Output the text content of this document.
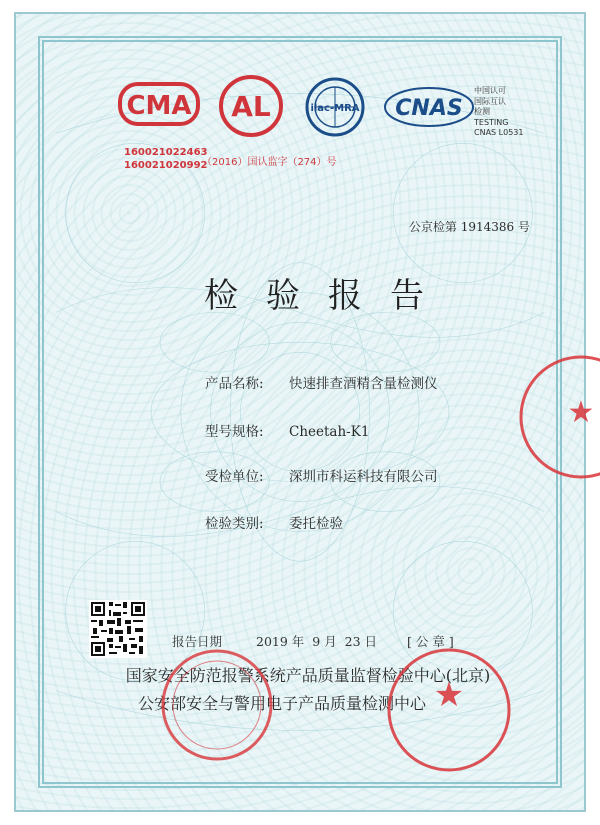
CMA AL	ilac-MRA CNAS
中国认可
国际互认
检测
TESTING
CNAS L0531
160021022463
160021020992
（2016）国认监字（274）号
公京检第 1914386 号
检验报告
产品名称: 快速排查酒精含量检测仪
型号规格: Cheetah-K1
受检单位: 深圳市科运科技有限公司
检验类别: 委托检验
报告日期	2019 年 9 月 23 日 [ 公 章 ]
国家安全防范报警系统产品质量监督检验中心(北京)
公安部安全与警用电子产品质量检测中心
★
★
